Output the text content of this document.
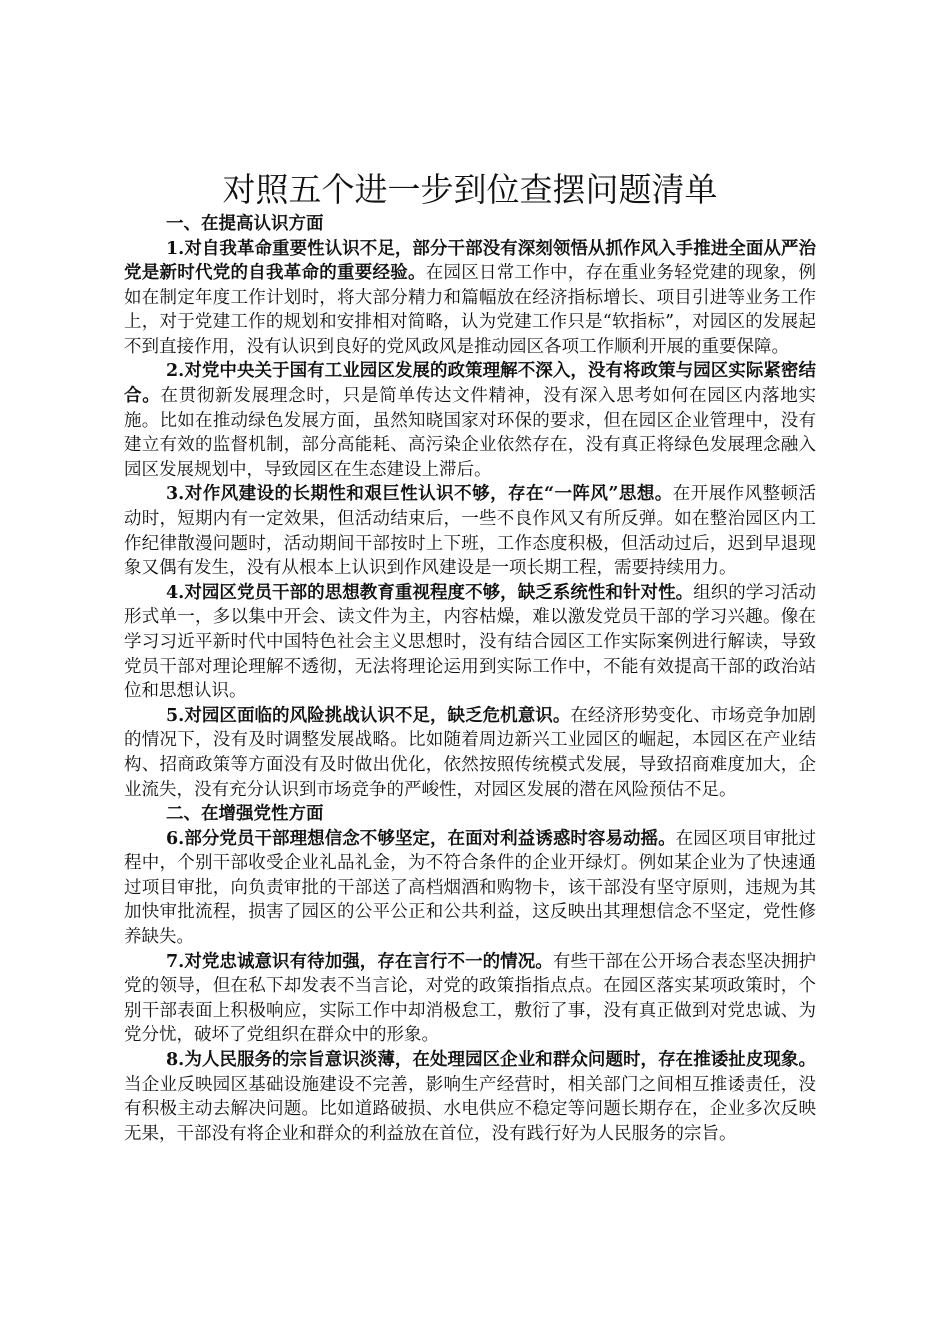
对照五个进一步到位查摆问题清单

一、在提高认识方面

1.对自我革命重要性认识不足，部分干部没有深刻领悟从抓作风入手推进全面从严治党是新时代党的自我革命的重要经验。在园区日常工作中，存在重业务轻党建的现象，例如在制定年度工作计划时，将大部分精力和篇幅放在经济指标增长、项目引进等业务工作上，对于党建工作的规划和安排相对简略，认为党建工作只是“软指标”，对园区的发展起不到直接作用，没有认识到良好的党风政风是推动园区各项工作顺利开展的重要保障。

2.对党中央关于国有工业园区发展的政策理解不深入，没有将政策与园区实际紧密结合。在贯彻新发展理念时，只是简单传达文件精神，没有深入思考如何在园区内落地实施。比如在推动绿色发展方面，虽然知晓国家对环保的要求，但在园区企业管理中，没有建立有效的监督机制，部分高能耗、高污染企业依然存在，没有真正将绿色发展理念融入园区发展规划中，导致园区在生态建设上滞后。

3.对作风建设的长期性和艰巨性认识不够，存在“一阵风”思想。在开展作风整顿活动时，短期内有一定效果，但活动结束后，一些不良作风又有所反弹。如在整治园区内工作纪律散漫问题时，活动期间干部按时上下班，工作态度积极，但活动过后，迟到早退现象又偶有发生，没有从根本上认识到作风建设是一项长期工程，需要持续用力。

4.对园区党员干部的思想教育重视程度不够，缺乏系统性和针对性。组织的学习活动形式单一，多以集中开会、读文件为主，内容枯燥，难以激发党员干部的学习兴趣。像在学习习近平新时代中国特色社会主义思想时，没有结合园区工作实际案例进行解读，导致党员干部对理论理解不透彻，无法将理论运用到实际工作中，不能有效提高干部的政治站位和思想认识。

5.对园区面临的风险挑战认识不足，缺乏危机意识。在经济形势变化、市场竞争加剧的情况下，没有及时调整发展战略。比如随着周边新兴工业园区的崛起，本园区在产业结构、招商政策等方面没有及时做出优化，依然按照传统模式发展，导致招商难度加大，企业流失，没有充分认识到市场竞争的严峻性，对园区发展的潜在风险预估不足。

二、在增强党性方面

6.部分党员干部理想信念不够坚定，在面对利益诱惑时容易动摇。在园区项目审批过程中，个别干部收受企业礼品礼金，为不符合条件的企业开绿灯。例如某企业为了快速通过项目审批，向负责审批的干部送了高档烟酒和购物卡，该干部没有坚守原则，违规为其加快审批流程，损害了园区的公平公正和公共利益，这反映出其理想信念不坚定，党性修养缺失。

7.对党忠诚意识有待加强，存在言行不一的情况。有些干部在公开场合表态坚决拥护党的领导，但在私下却发表不当言论，对党的政策指指点点。在园区落实某项政策时，个别干部表面上积极响应，实际工作中却消极怠工，敷衍了事，没有真正做到对党忠诚、为党分忧，破坏了党组织在群众中的形象。

8.为人民服务的宗旨意识淡薄，在处理园区企业和群众问题时，存在推诿扯皮现象。当企业反映园区基础设施建设不完善，影响生产经营时，相关部门之间相互推诿责任，没有积极主动去解决问题。比如道路破损、水电供应不稳定等问题长期存在，企业多次反映无果，干部没有将企业和群众的利益放在首位，没有践行好为人民服务的宗旨。
